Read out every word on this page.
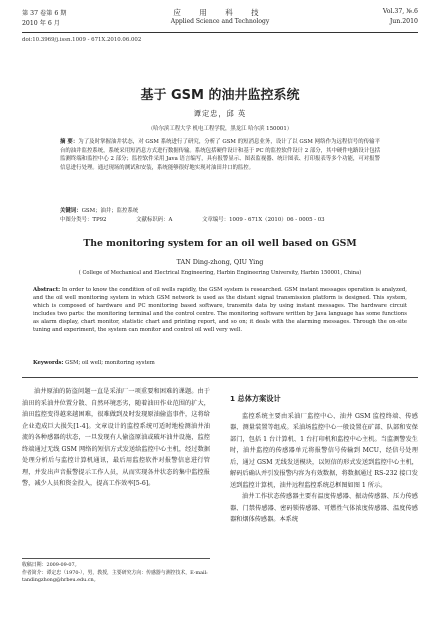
第 37 卷第 6 期
2010 年 6 月
应 用 科 技
Applied Science and Technology
Vol.37, №.6
Jun.2010
doi:10.3969/j.issn.1009 - 671X.2010.06.002
基于 GSM 的油井监控系统
谭定忠，邱 英
（哈尔滨工程大学 机电工程学院，黑龙江 哈尔滨 150001）
摘 要：为了及时掌握油井状态，对 GSM 系统进行了研究，分析了 GSM 的短消息业务，设计了以 GSM 网络作为远程信号的传输平台的油井监控系统，系统采用短消息方式进行数据传输。系统包括硬件设计和基于 PC 的监控软件设计 2 部分，其中硬件电路设计包括监测终端和监控中心 2 部分；监控软件采用 Java 语言编写，具有报警显示、图表监视器、统计图表、打印报表等多个功能，可对报警信息进行处理。通过现场的测试和安装，系统能够很好地实现对油田井口的监控。
关键词：GSM；油井；监控系统
中图分类号：TP92	文献标识码：A	文章编号：1009 - 671X（2010）06 - 0005 - 03
The monitoring system for an oil well based on GSM
TAN Ding-zhong, QIU Ying
( College of Mechanical and Electrical Engineering, Harbin Engineering University, Harbin 150001, China)
Abstract: In order to know the condition of oil wells rapidly, the GSM system is researched. GSM instant messages operation is analyzed, and the oil well monitoring system in which GSM network is used as the distant signal transmission platform is designed. This system, which is composed of hardware and PC monitoring based software, transmits data by using instant messages. The hardware circuit includes two parts: the monitoring terminal and the control centre. The monitoring software written by Java language has some functions as alarm display, chart monitor, statistic chart and printing report, and so on; it deals with the alarming messages. Through the on-site tuning and experiment, the system can monitor and control oil well very well.
Keywords: GSM; oil well; monitoring system

油井原油的防盗问题一直是采油厂一项重要和困难的课题。由于油田的采油井位置分散、自然环境恶劣，随着油田作业范围的扩大，油田监控变得越来越困难，很难做到及时发现原油偷盗事件，这将给企业造成巨大损失[1-4]。文章设计的监控系统可适时地检测油井油流的各种感器的状态，一旦发现有人偷盗原油或破坏油井设施，监控终端通过无线 GSM 网络的短信方式发送给监控中心主机，经过数据处理分析后与监控计算机通讯，最后用监控软件对报警信息进行管理，并发出声音报警提示工作人员，从而实现各井状态的集中监控报警，减少人员和资金投入，提高工作效率[5-6]。

1 总体方案设计

监控系统主要由采油厂监控中心、油井 GSM 监控终端、传感器、测量装置等组成。采油场监控中心一般设置在矿部、队部和安保部门，包括 1 台计算机、1 台打印机和监控中心主机。当监测警发生时，油井监控的传感器单元将报警信号传输到 MCU，经信号处理后，通过 GSM 无线发送模块，以短信的形式发送到监控中心主机，解码后确认并引发报警内容为有效数据，将数据通过 RS-232 接口发送到监控计算机，油井远程监控系统总框图如图 1 所示。

油井工作状态传感器主要有温度传感器、振动传感器、压力传感器、门禁传感器、密码锁传感器、可燃性气体浓度传感器、温度传感器和烟体传感器。本系统

收稿日期：2009-09-07。
作者简介：谭定忠（1970-），男，教授，主要研究方向：传感器与测控技术，E-mail: tandingzhong@hrbeu.edu.cn。
